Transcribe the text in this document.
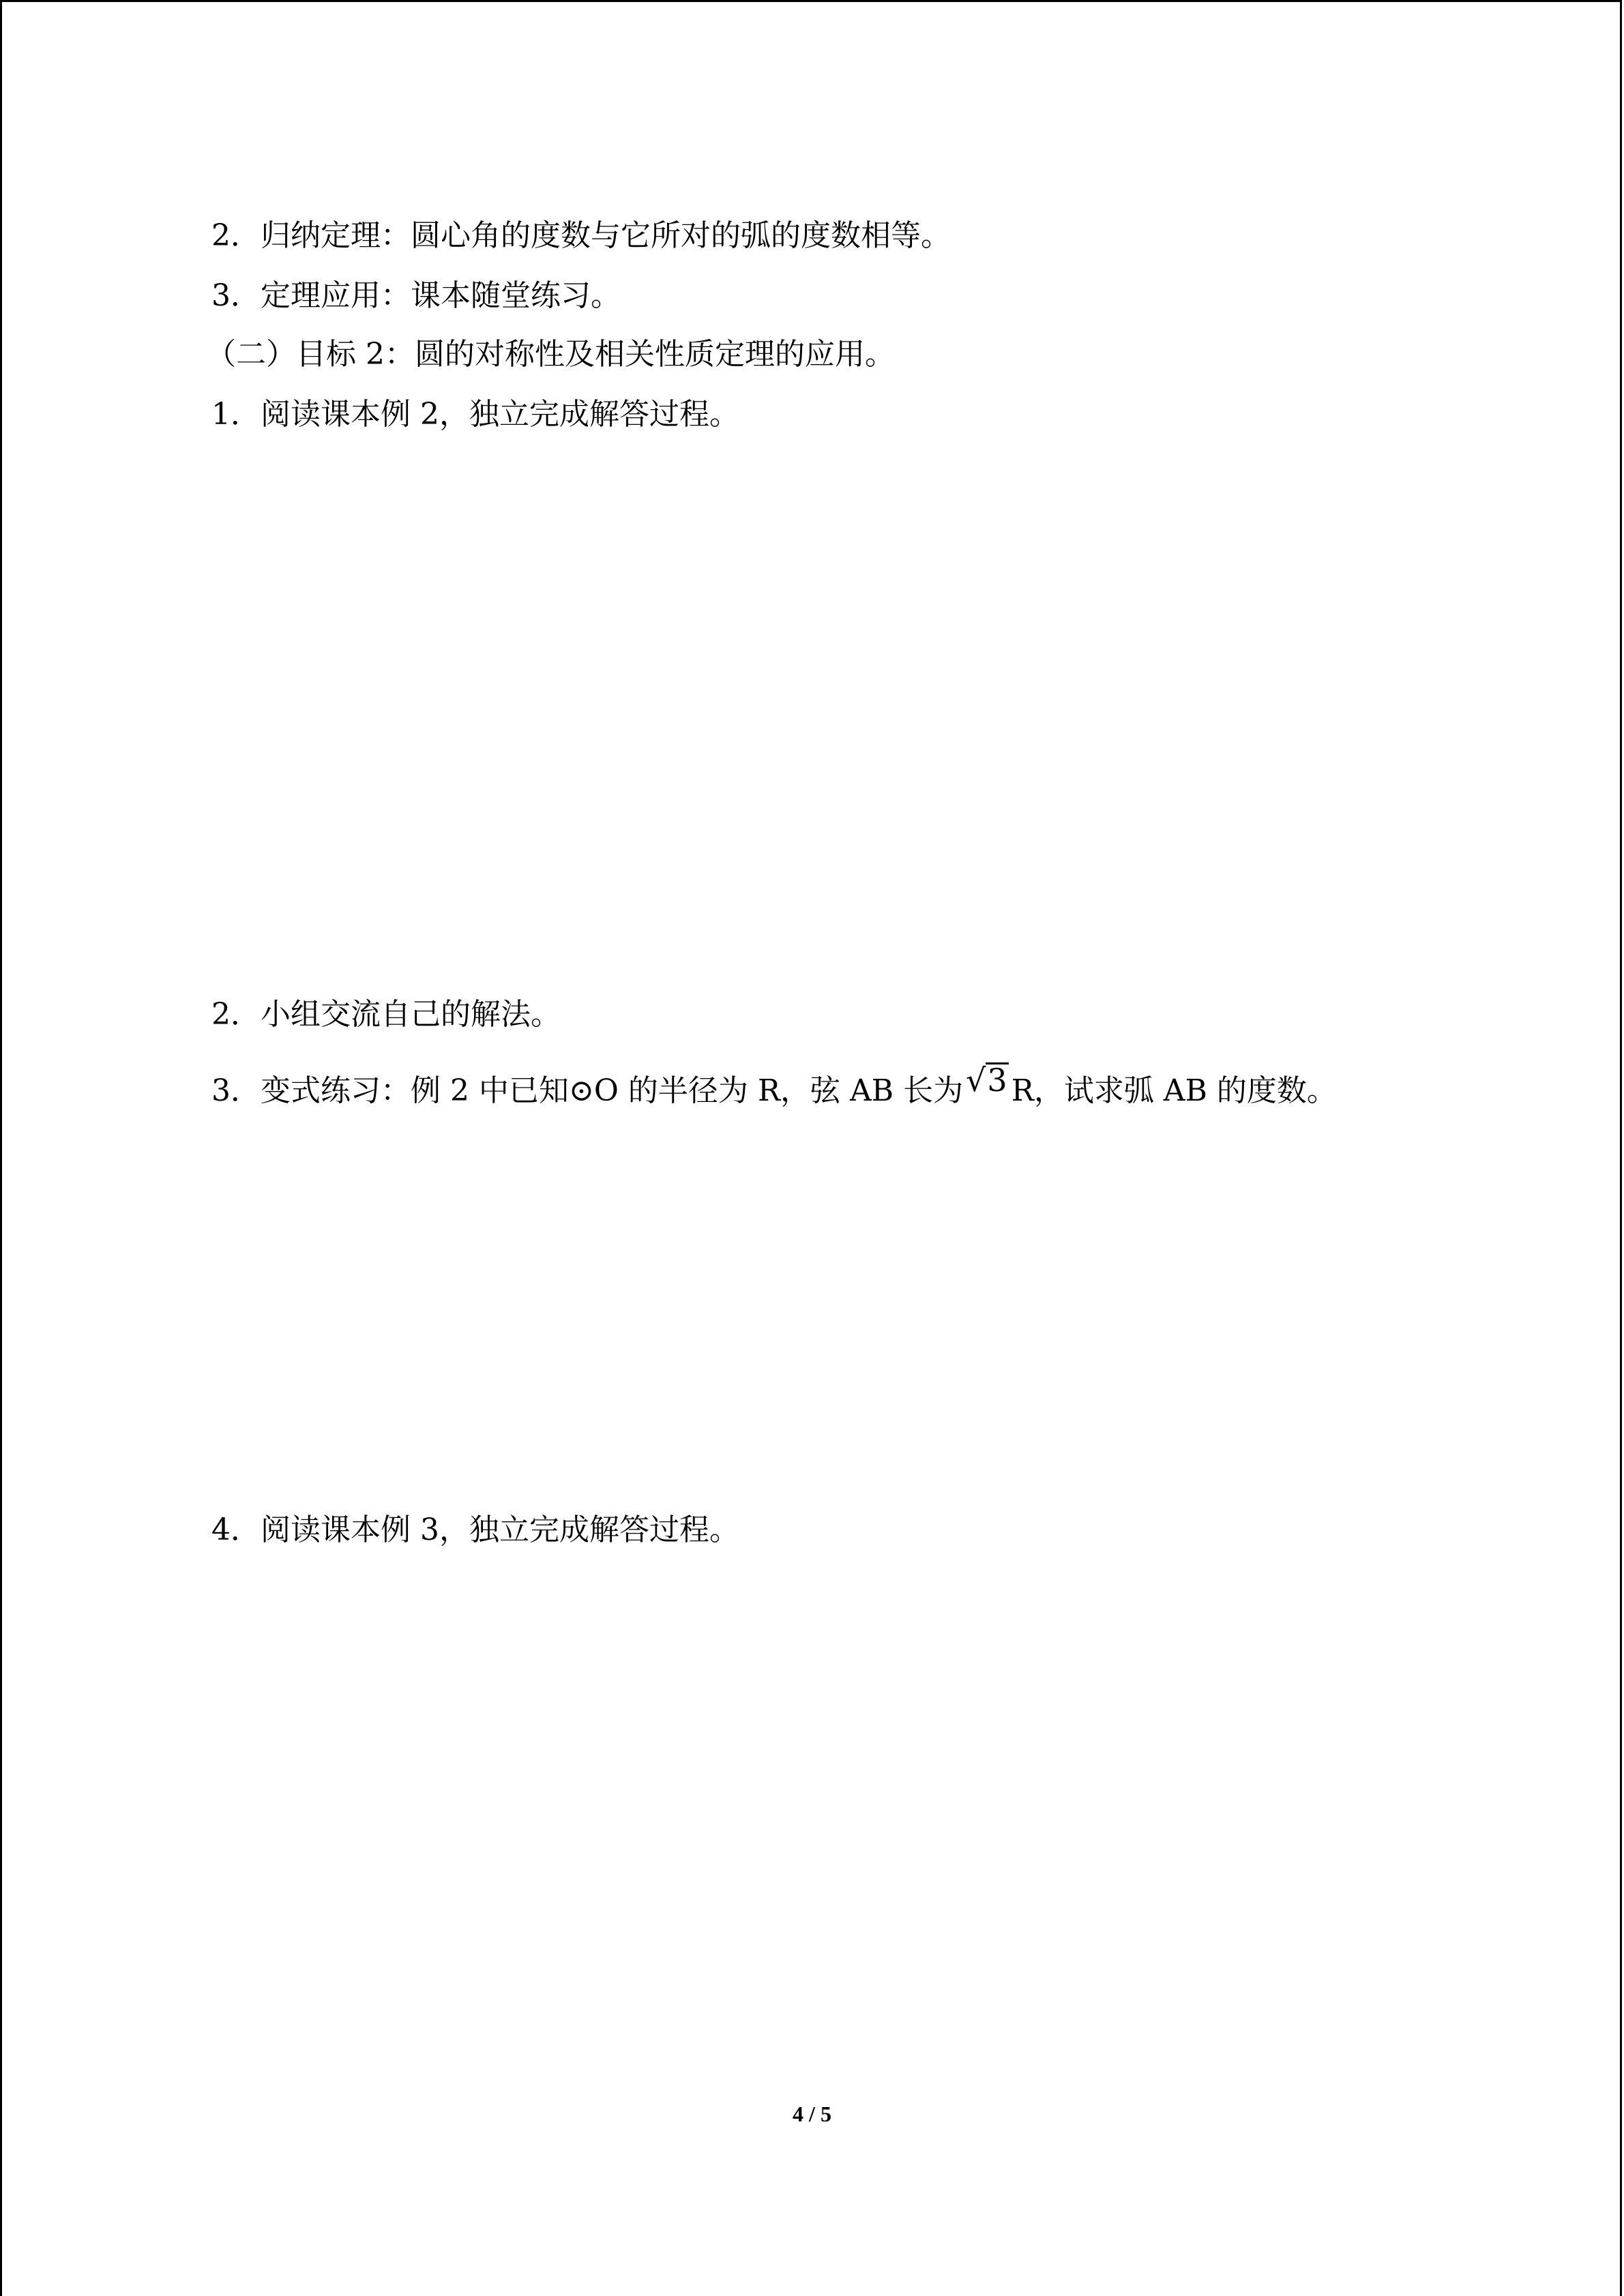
2．归纳定理：圆心角的度数与它所对的弧的度数相等。
3．定理应用：课本随堂练习。
（二）目标 2：圆的对称性及相关性质定理的应用。
1．阅读课本例 2，独立完成解答过程。
2．小组交流自己的解法。
3．变式练习：例 2 中已知⊙O 的半径为 R，弦 AB 长为√3 R，试求弧 AB 的度数。
4．阅读课本例 3，独立完成解答过程。
4 / 5
